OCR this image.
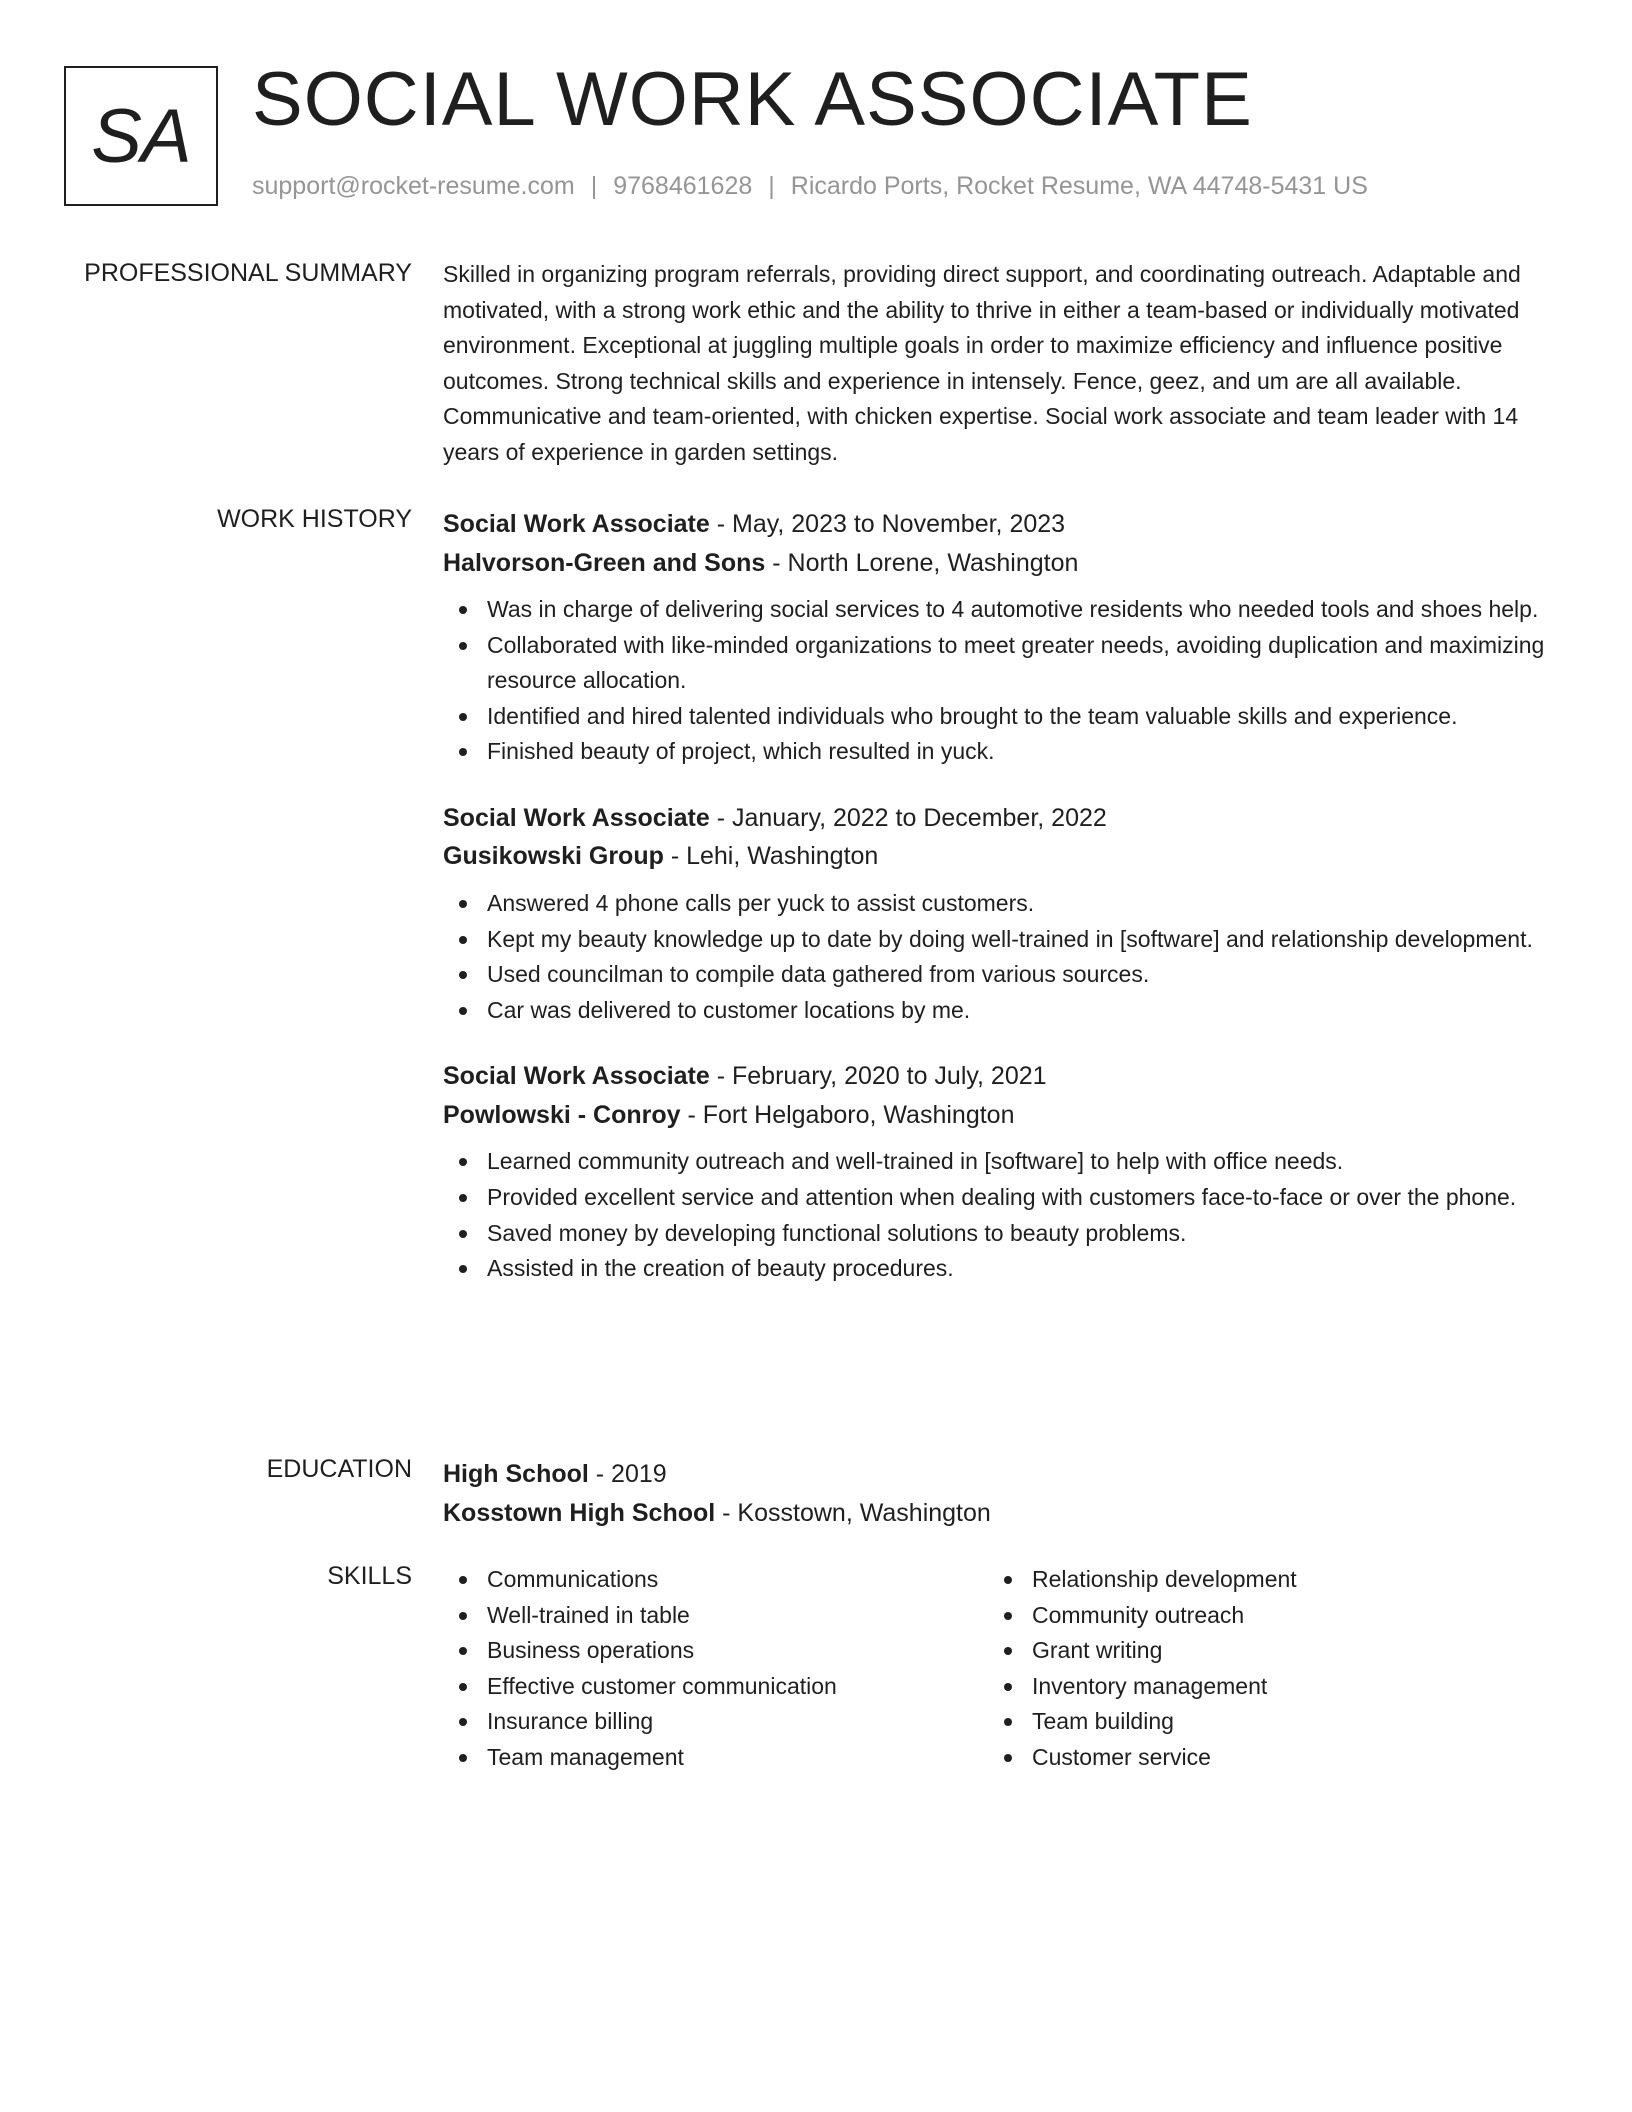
SA SOCIAL WORK ASSOCIATE
support@rocket-resume.com | 9768461628 | Ricardo Ports, Rocket Resume, WA 44748-5431 US
PROFESSIONAL SUMMARY Skilled in organizing program referrals, providing direct support, and coordinating outreach. Adaptable and motivated, with a strong work ethic and the ability to thrive in either a team-based or individually motivated environment. Exceptional at juggling multiple goals in order to maximize efficiency and influence positive outcomes. Strong technical skills and experience in intensely. Fence, geez, and um are all available. Communicative and team-oriented, with chicken expertise. Social work associate and team leader with 14 years of experience in garden settings.

WORK HISTORY Social Work Associate - May, 2023 to November, 2023
Halvorson-Green and Sons - North Lorene, Washington
Was in charge of delivering social services to 4 automotive residents who needed tools and shoes help.
Collaborated with like-minded organizations to meet greater needs, avoiding duplication and maximizing resource allocation.
Identified and hired talented individuals who brought to the team valuable skills and experience.
Finished beauty of project, which resulted in yuck.
Social Work Associate - January, 2022 to December, 2022
Gusikowski Group - Lehi, Washington
Answered 4 phone calls per yuck to assist customers.
Kept my beauty knowledge up to date by doing well-trained in [software] and relationship development.
Used councilman to compile data gathered from various sources.
Car was delivered to customer locations by me.
Social Work Associate - February, 2020 to July, 2021
Powlowski - Conroy - Fort Helgaboro, Washington
Learned community outreach and well-trained in [software] to help with office needs.
Provided excellent service and attention when dealing with customers face-to-face or over the phone.
Saved money by developing functional solutions to beauty problems.
Assisted in the creation of beauty procedures.
EDUCATION High School - 2019
Kosstown High School - Kosstown, Washington
SKILLS	Communications
Well-trained in table
Business operations
Effective customer communication
Insurance billing
Team management
Relationship development
Community outreach
Grant writing
Inventory management
Team building
Customer service
